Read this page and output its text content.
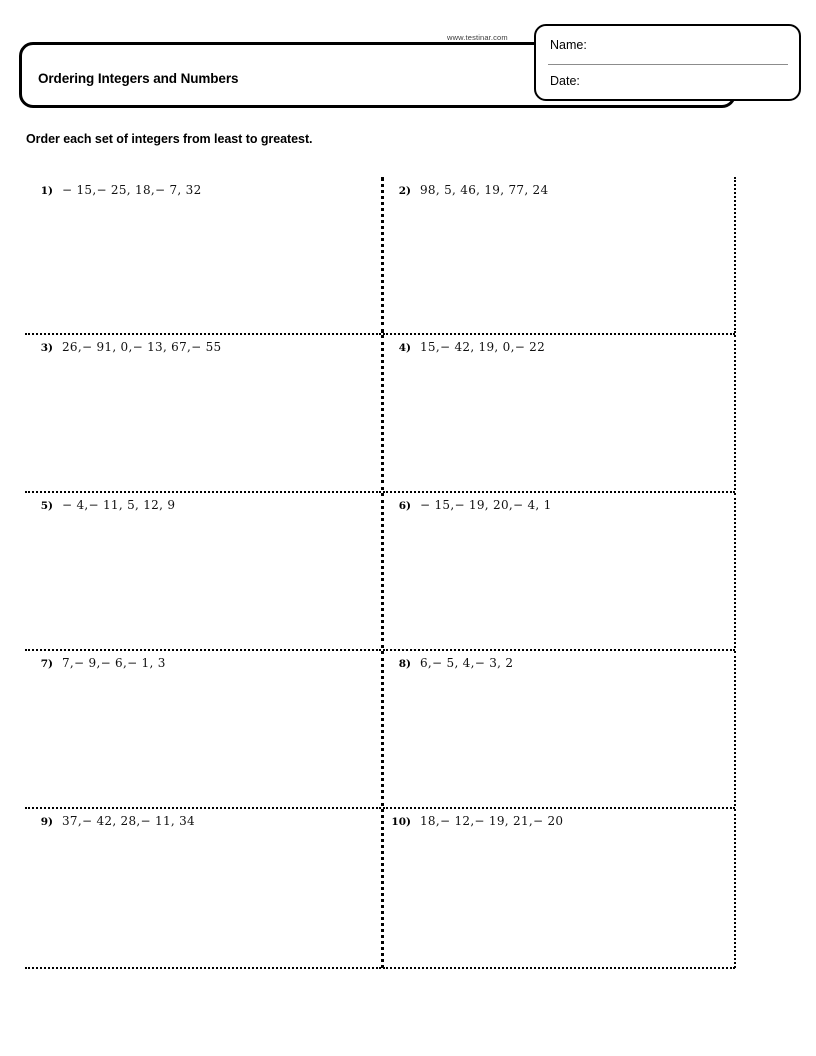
Ordering Integers and Numbers
www.testinar.com
Name:
Date:
Order each set of integers from least to greatest.
1) − 15,− 25, 18,− 7, 32	2) 98, 5, 46, 19, 77, 24
3) 26,− 91, 0,− 13, 67,− 55	4) 15,− 42, 19, 0,− 22
5) − 4,− 11, 5, 12, 9	6) − 15,− 19, 20,− 4, 1
7) 7,− 9,− 6,− 1, 3	8) 6,− 5, 4,− 3, 2
9) 37,− 42, 28,− 11, 34	10) 18,− 12,− 19, 21,− 20
